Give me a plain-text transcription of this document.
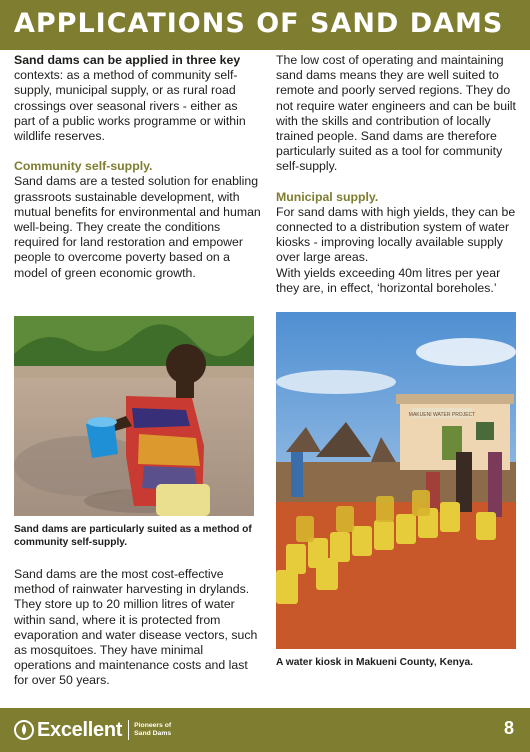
APPLICATIONS OF SAND DAMS

Sand dams can be applied in three key
contexts: as a method of community self-supply, municipal supply, or as rural road crossings over seasonal rivers - either as part of a public works programme or within wildlife reserves.

Community self-supply.

Sand dams are a tested solution for enabling grassroots sustainable development, with mutual benefits for environmental and human well-being. They create the conditions required for land restoration and empower people to overcome poverty based on a model of green economic growth.

The low cost of operating and maintaining sand dams means they are well suited to remote and poorly served regions. They do not require water engineers and can be built with the skills and contribution of locally trained people. Sand dams are therefore particularly suited as a tool for community self-supply.

Municipal supply.

For sand dams with high yields, they can be connected to a distribution system of water kiosks - improving locally available supply over large areas.

With yields exceeding 40m litres per year they are, in effect, ‘horizontal boreholes.’

Sand dams are particularly suited as a method of community self-supply.
MAKUENI WATER PROJECT
A water kiosk in Makueni County, Kenya.

Sand dams are the most cost-effective method of rainwater harvesting in drylands. They store up to 20 million litres of water within sand, where it is protected from evaporation and water disease vectors, such as mosquitoes. They have minimal operations and maintenance costs and last for over 50 years.

Excellent Pioneers of
Sand Dams	8
